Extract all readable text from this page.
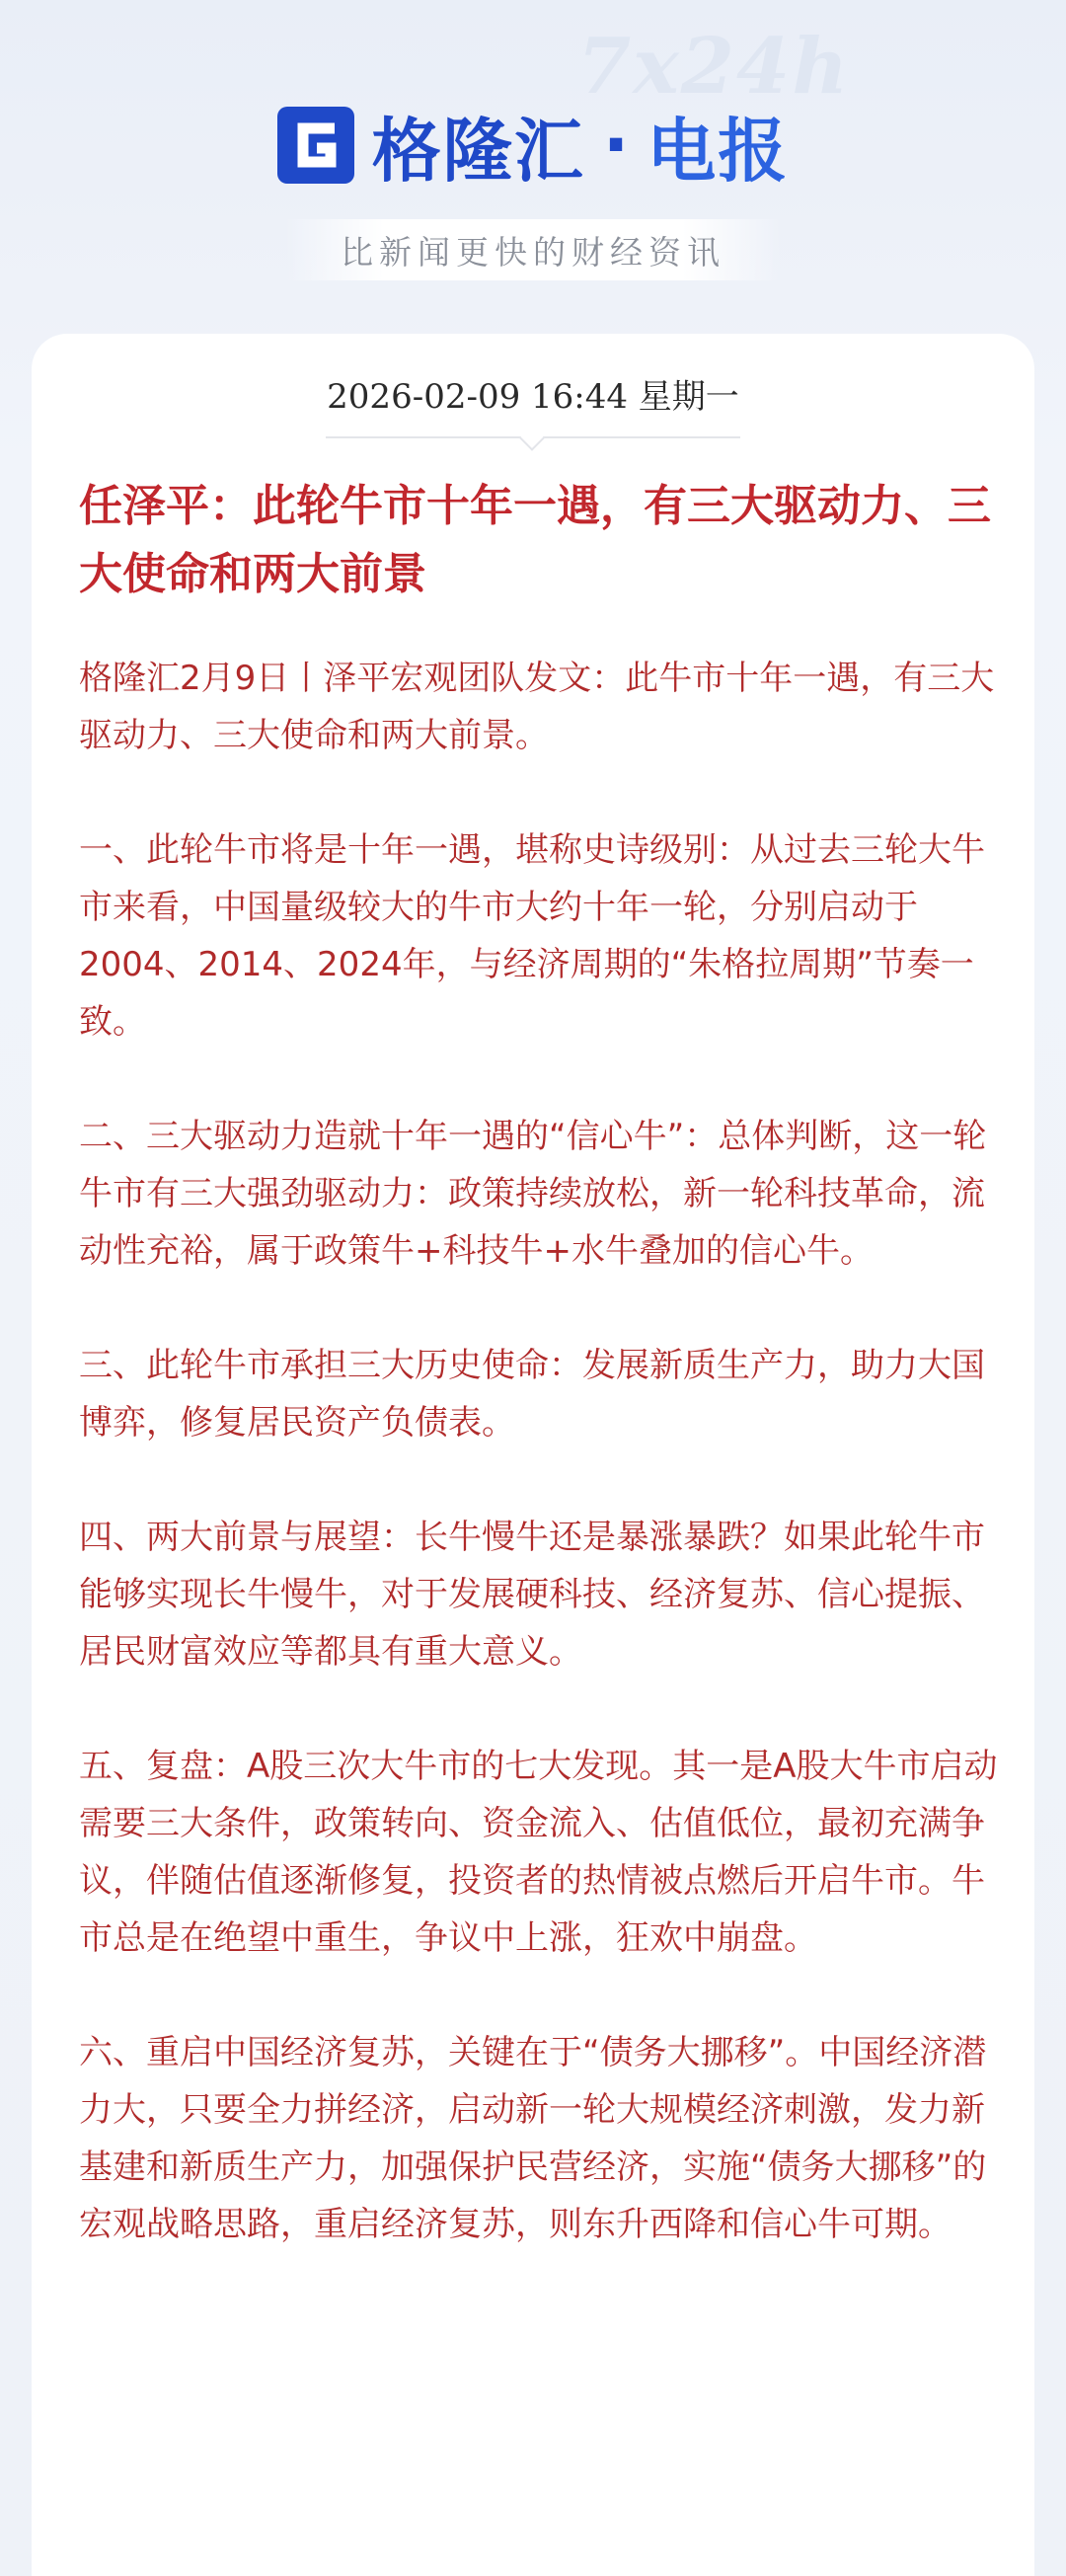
7x24h
格隆汇 · 电报
比新闻更快的财经资讯
2026-02-09 16:44 星期一
任泽平：此轮牛市十年一遇，有三大驱动力、三大使命和两大前景

格隆汇2月9日丨泽平宏观团队发文：此牛市十年一遇，有三大驱动力、三大使命和两大前景。

一、此轮牛市将是十年一遇，堪称史诗级别：从过去三轮大牛市来看，中国量级较大的牛市大约十年一轮，分别启动于2004、2014、2024年，与经济周期的“朱格拉周期”节奏一致。

二、三大驱动力造就十年一遇的“信心牛”：总体判断，这一轮牛市有三大强劲驱动力：政策持续放松，新一轮科技革命，流动性充裕，属于政策牛+科技牛+水牛叠加的信心牛。

三、此轮牛市承担三大历史使命：发展新质生产力，助力大国博弈，修复居民资产负债表。

四、两大前景与展望：长牛慢牛还是暴涨暴跌？如果此轮牛市能够实现长牛慢牛，对于发展硬科技、经济复苏、信心提振、居民财富效应等都具有重大意义。

五、复盘：A股三次大牛市的七大发现。其一是A股大牛市启动需要三大条件，政策转向、资金流入、估值低位，最初充满争议，伴随估值逐渐修复，投资者的热情被点燃后开启牛市。牛市总是在绝望中重生，争议中上涨，狂欢中崩盘。

六、重启中国经济复苏，关键在于“债务大挪移”。中国经济潜力大，只要全力拼经济，启动新一轮大规模经济刺激，发力新基建和新质生产力，加强保护民营经济，实施“债务大挪移”的宏观战略思路，重启经济复苏，则东升西降和信心牛可期。
